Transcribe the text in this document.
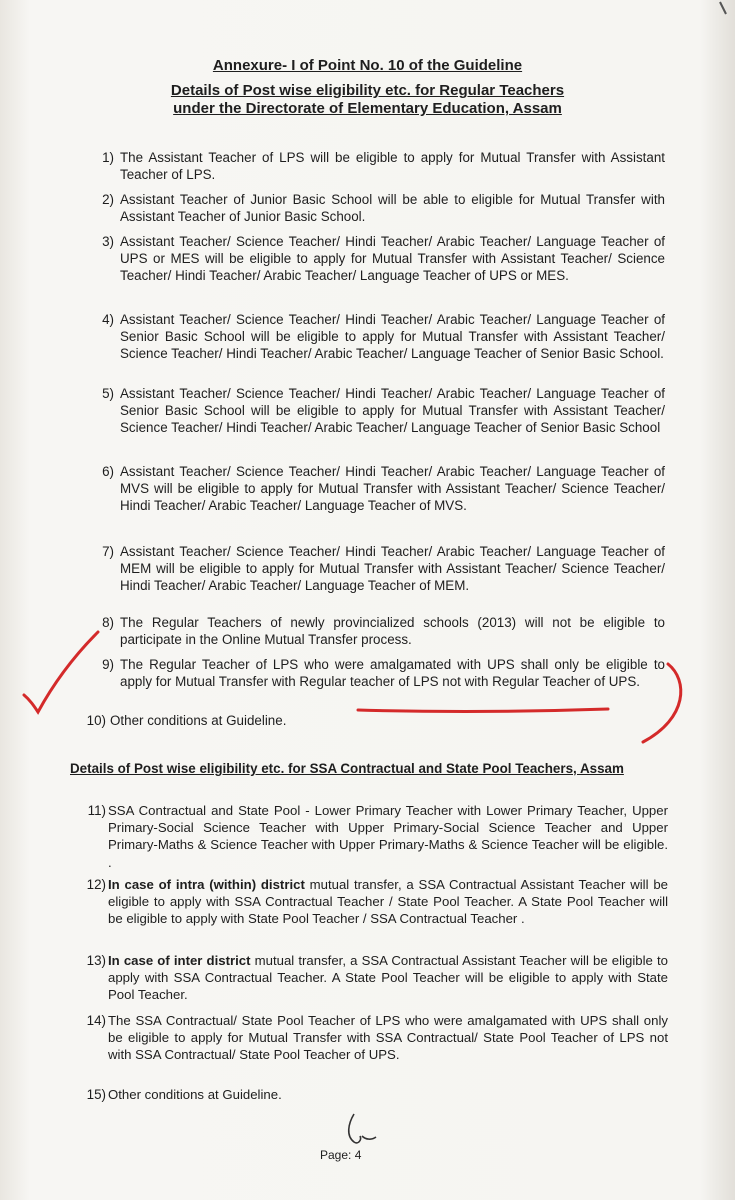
Annexure- I of Point No. 10 of the Guideline
Details of Post wise eligibility etc. for Regular Teachers
under the Directorate of Elementary Education, Assam
1) The Assistant Teacher of LPS will be eligible to apply for Mutual Transfer with Assistant Teacher of LPS.
2) Assistant Teacher of Junior Basic School will be able to eligible for Mutual Transfer with Assistant Teacher of Junior Basic School.
3) Assistant Teacher/ Science Teacher/ Hindi Teacher/ Arabic Teacher/ Language Teacher of UPS or MES will be eligible to apply for Mutual Transfer with Assistant Teacher/ Science Teacher/ Hindi Teacher/ Arabic Teacher/ Language Teacher of UPS or MES.
4) Assistant Teacher/ Science Teacher/ Hindi Teacher/ Arabic Teacher/ Language Teacher of Senior Basic School will be eligible to apply for Mutual Transfer with Assistant Teacher/ Science Teacher/ Hindi Teacher/ Arabic Teacher/ Language Teacher of Senior Basic School.
5) Assistant Teacher/ Science Teacher/ Hindi Teacher/ Arabic Teacher/ Language Teacher of Senior Basic School will be eligible to apply for Mutual Transfer with Assistant Teacher/ Science Teacher/ Hindi Teacher/ Arabic Teacher/ Language Teacher of Senior Basic School
6) Assistant Teacher/ Science Teacher/ Hindi Teacher/ Arabic Teacher/ Language Teacher of MVS will be eligible to apply for Mutual Transfer with Assistant Teacher/ Science Teacher/ Hindi Teacher/ Arabic Teacher/ Language Teacher of MVS.
7) Assistant Teacher/ Science Teacher/ Hindi Teacher/ Arabic Teacher/ Language Teacher of MEM will be eligible to apply for Mutual Transfer with Assistant Teacher/ Science Teacher/ Hindi Teacher/ Arabic Teacher/ Language Teacher of MEM.
8) The Regular Teachers of newly provincialized schools (2013) will not be eligible to participate in the Online Mutual Transfer process.
9) The Regular Teacher of LPS who were amalgamated with UPS shall only be eligible to apply for Mutual Transfer with Regular teacher of LPS not with Regular Teacher of UPS.
10) Other conditions at Guideline.
Details of Post wise eligibility etc. for SSA Contractual and State Pool Teachers, Assam
11) SSA Contractual and State Pool - Lower Primary Teacher with Lower Primary Teacher, Upper Primary-Social Science Teacher with Upper Primary-Social Science Teacher and Upper Primary-Maths & Science Teacher with Upper Primary-Maths & Science Teacher will be eligible. .
12) In case of intra (within) district mutual transfer, a SSA Contractual Assistant Teacher will be eligible to apply with SSA Contractual Teacher / State Pool Teacher. A State Pool Teacher will be eligible to apply with State Pool Teacher / SSA Contractual Teacher .
13) In case of inter district mutual transfer, a SSA Contractual Assistant Teacher will be eligible to apply with SSA Contractual Teacher. A State Pool Teacher will be eligible to apply with State Pool Teacher.
14) The SSA Contractual/ State Pool Teacher of LPS who were amalgamated with UPS shall only be eligible to apply for Mutual Transfer with SSA Contractual/ State Pool Teacher of LPS not with SSA Contractual/ State Pool Teacher of UPS.
15) Other conditions at Guideline.
Page: 4
